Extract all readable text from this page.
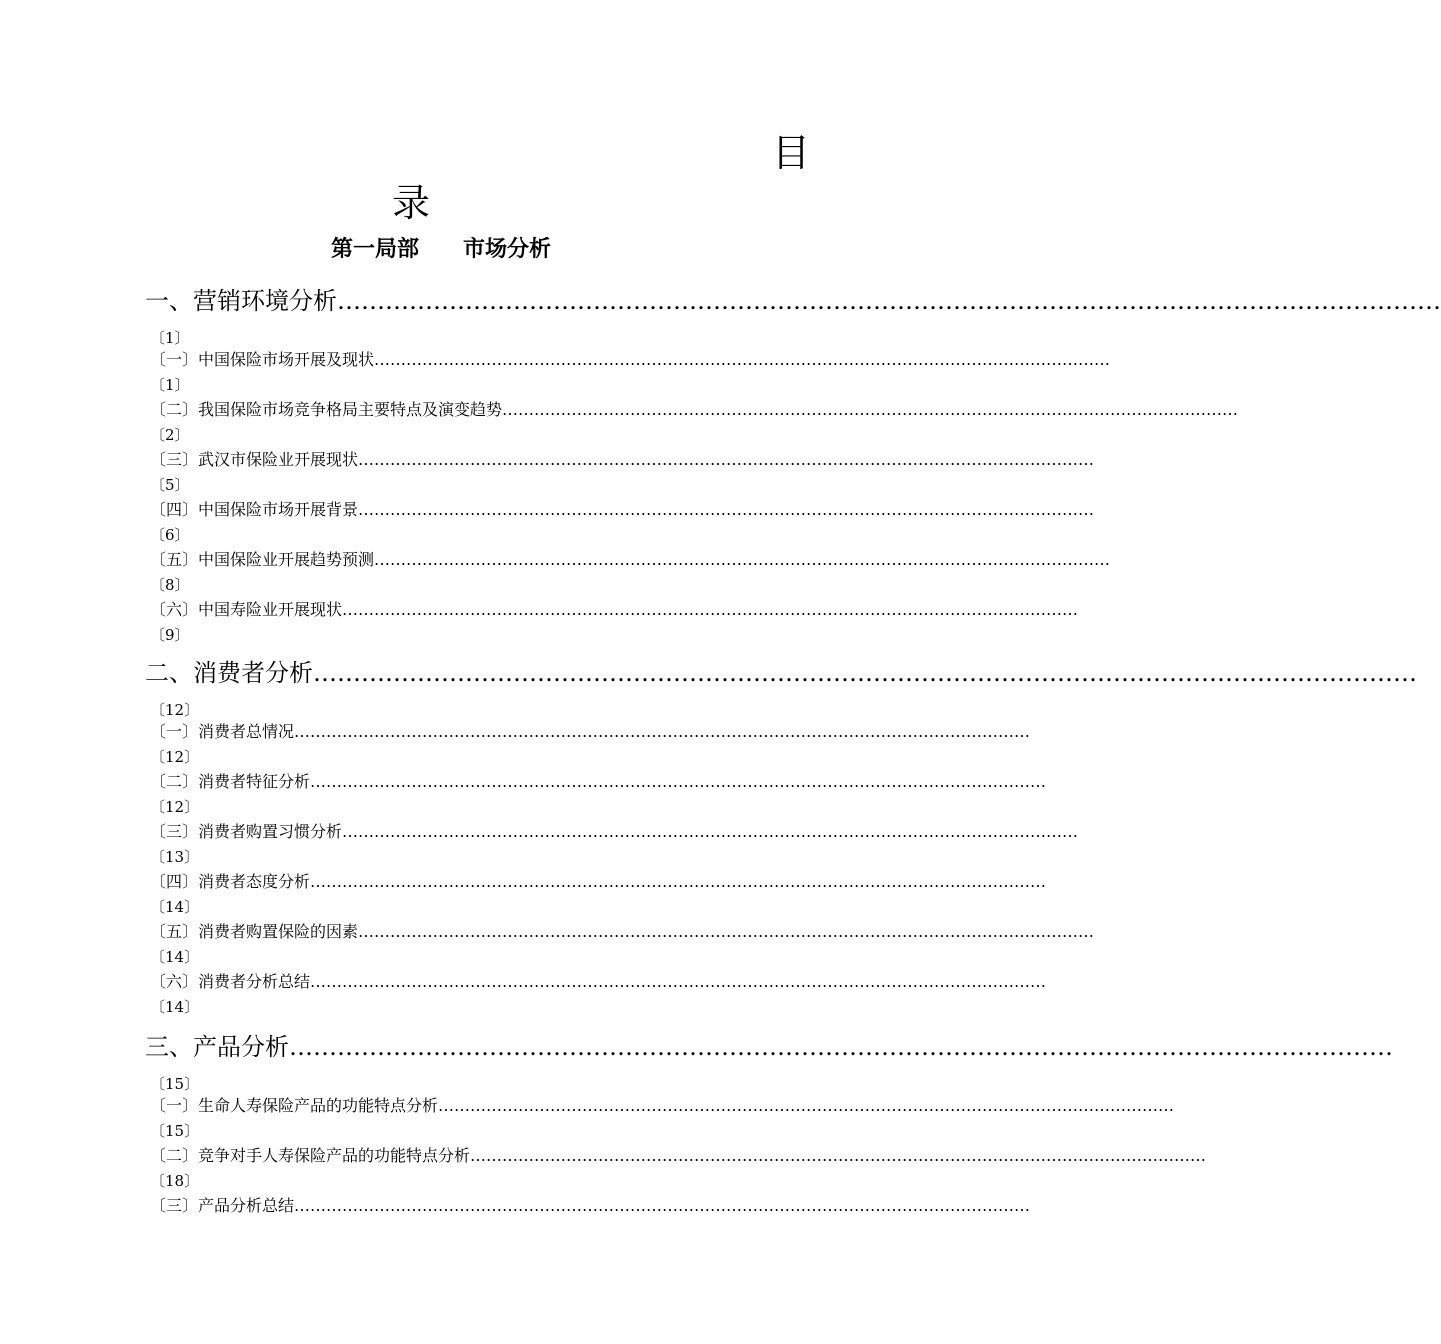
目
录
第一局部　　市场分析
一、营销环境分析 …………………………………………………………………………………………………………………………
〔1〕
〔一〕中国保险市场开展及现状 …………………………………………………………………………………………………………………………
〔1〕
〔二〕我国保险市场竞争格局主要特点及演变趋势 …………………………………………………………………………………………………………………………
〔2〕
〔三〕武汉市保险业开展现状 …………………………………………………………………………………………………………………………
〔5〕
〔四〕中国保险市场开展背景 …………………………………………………………………………………………………………………………
〔6〕
〔五〕中国保险业开展趋势预测 …………………………………………………………………………………………………………………………
〔8〕
〔六〕中国寿险业开展现状 …………………………………………………………………………………………………………………………
〔9〕
二、消费者分析 …………………………………………………………………………………………………………………………
〔12〕
〔一〕消费者总情况 …………………………………………………………………………………………………………………………
〔12〕
〔二〕消费者特征分析 …………………………………………………………………………………………………………………………
〔12〕
〔三〕消费者购置习惯分析 …………………………………………………………………………………………………………………………
〔13〕
〔四〕消费者态度分析 …………………………………………………………………………………………………………………………
〔14〕
〔五〕消费者购置保险的因素 …………………………………………………………………………………………………………………………
〔14〕
〔六〕消费者分析总结 …………………………………………………………………………………………………………………………
〔14〕
三、产品分析 …………………………………………………………………………………………………………………………
〔15〕
〔一〕生命人寿保险产品的功能特点分析 …………………………………………………………………………………………………………………………
〔15〕
〔二〕竞争对手人寿保险产品的功能特点分析 …………………………………………………………………………………………………………………………
〔18〕
〔三〕产品分析总结 …………………………………………………………………………………………………………………………
